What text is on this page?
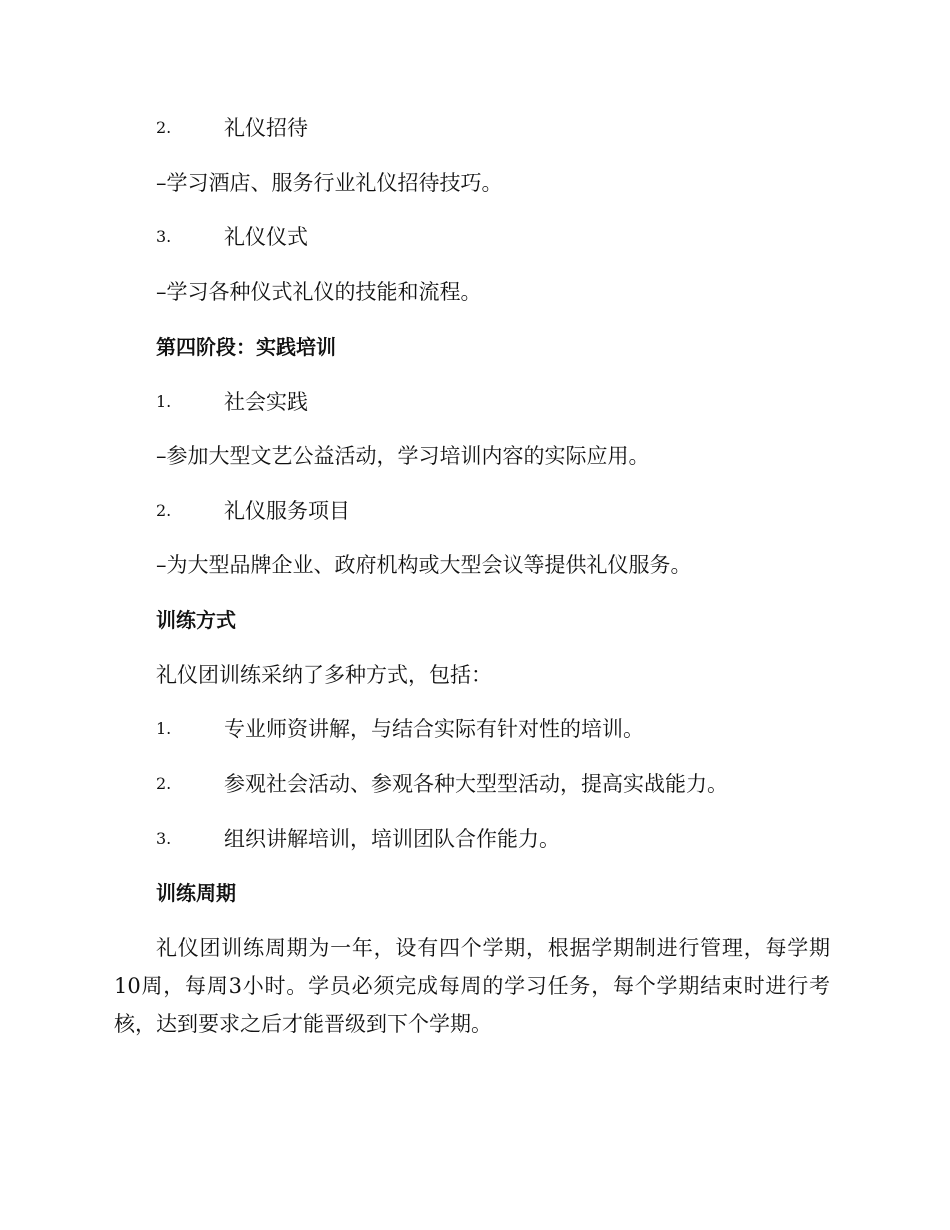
2.	礼仪招待
–学习酒店、服务行业礼仪招待技巧。
3.	礼仪仪式
–学习各种仪式礼仪的技能和流程。
第四阶段：实践培训
1.	社会实践
–参加大型文艺公益活动，学习培训内容的实际应用。
2.	礼仪服务项目
–为大型品牌企业、政府机构或大型会议等提供礼仪服务。
训练方式
礼仪团训练采纳了多种方式，包括：
1.	专业师资讲解，与结合实际有针对性的培训。
2.	参观社会活动、参观各种大型型活动，提高实战能力。
3.	组织讲解培训，培训团队合作能力。
训练周期
礼仪团训练周期为一年，设有四个学期，根据学期制进行管理，每学期10周，每周3小时。学员必须完成每周的学习任务，每个学期结束时进行考核，达到要求之后才能晋级到下个学期。
